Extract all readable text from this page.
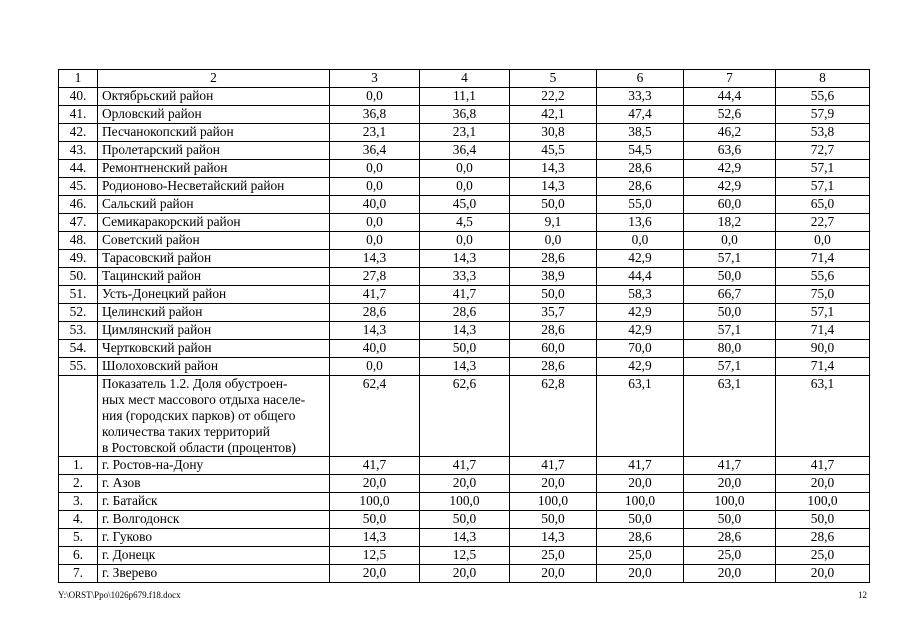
1	2	3	4	5	6	7	8
40.	Октябрьский район	0,0	11,1	22,2	33,3	44,4	55,6
41.	Орловский район	36,8	36,8	42,1	47,4	52,6	57,9
42.	Песчанокопский район	23,1	23,1	30,8	38,5	46,2	53,8
43.	Пролетарский район	36,4	36,4	45,5	54,5	63,6	72,7
44.	Ремонтненский район	0,0	0,0	14,3	28,6	42,9	57,1
45.	Родионово-Несветайский район	0,0	0,0	14,3	28,6	42,9	57,1
46.	Сальский район	40,0	45,0	50,0	55,0	60,0	65,0
47.	Семикаракорский район	0,0	4,5	9,1	13,6	18,2	22,7
48.	Советский район	0,0	0,0	0,0	0,0	0,0	0,0
49.	Тарасовский район	14,3	14,3	28,6	42,9	57,1	71,4
50.	Тацинский район	27,8	33,3	38,9	44,4	50,0	55,6
51.	Усть-Донецкий район	41,7	41,7	50,0	58,3	66,7	75,0
52.	Целинский район	28,6	28,6	35,7	42,9	50,0	57,1
53.	Цимлянский район	14,3	14,3	28,6	42,9	57,1	71,4
54.	Чертковский район	40,0	50,0	60,0	70,0	80,0	90,0
55.	Шолоховский район	0,0	14,3	28,6	42,9	57,1	71,4

	Показатель 1.2. Доля обустроен-
ных мест массового отдыха населе-
ния (городских парков) от общего
количества таких территорий
в Ростовской области (процентов)	62,4	62,6	62,8	63,1	63,1	63,1
1.	г. Ростов-на-Дону	41,7	41,7	41,7	41,7	41,7	41,7
2.	г. Азов	20,0	20,0	20,0	20,0	20,0	20,0
3.	г. Батайск	100,0	100,0	100,0	100,0	100,0	100,0
4.	г. Волгодонск	50,0	50,0	50,0	50,0	50,0	50,0
5.	г. Гуково	14,3	14,3	14,3	28,6	28,6	28,6
6.	г. Донецк	12,5	12,5	25,0	25,0	25,0	25,0
7.	г. Зверево	20,0	20,0	20,0	20,0	20,0	20,0
Y:\ORST\Ppo\1026p679.f18.docx	12
